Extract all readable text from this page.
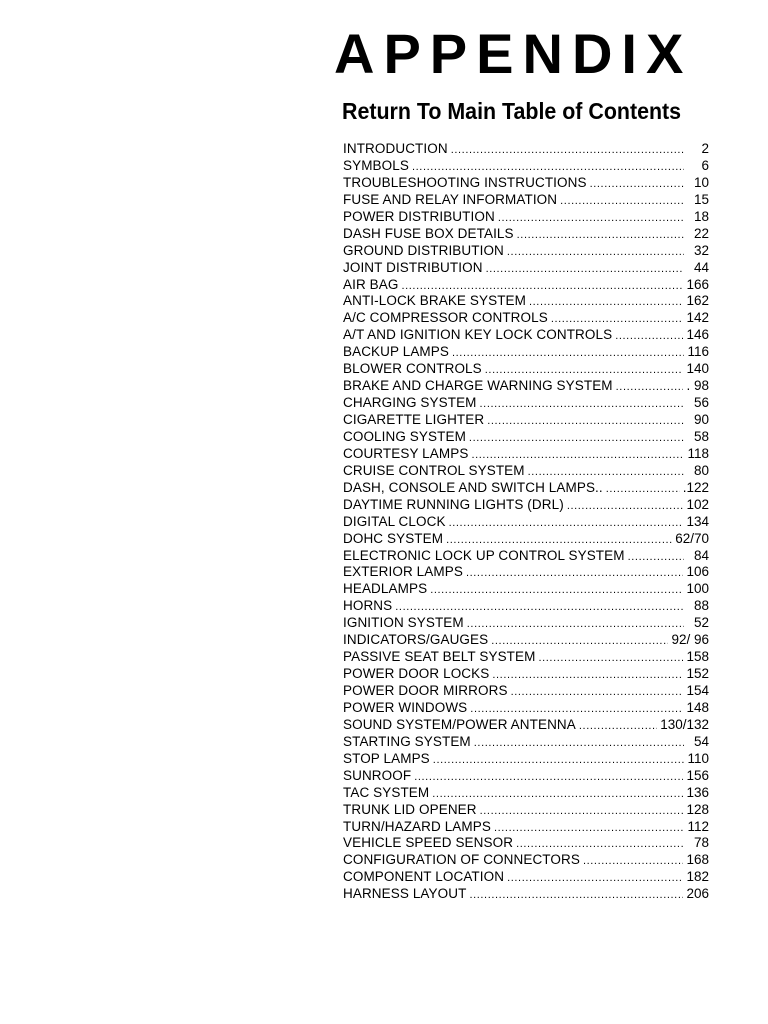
APPENDIX
Return To Main Table of Contents
INTRODUCTION .....	2
SYMBOLS .....	6
TROUBLESHOOTING INSTRUCTIONS .....	10
FUSE AND RELAY INFORMATION .....	15
POWER DISTRIBUTION .....	18
DASH FUSE BOX DETAILS .....	22
GROUND DISTRIBUTION .....	32
JOINT DISTRIBUTION .....	44
AIR BAG .....	166
ANTI-LOCK BRAKE SYSTEM .....	162
A/C COMPRESSOR CONTROLS .....	142
A/T AND IGNITION KEY LOCK CONTROLS .....	146
BACKUP LAMPS .....	116
BLOWER CONTROLS .....	140
BRAKE AND CHARGE WARNING SYSTEM .....	. 98
CHARGING SYSTEM .....	56
CIGARETTE LIGHTER .....	90
COOLING SYSTEM .....	58
COURTESY LAMPS .....	118
CRUISE CONTROL SYSTEM .....	80
DASH, CONSOLE AND SWITCH LAMPS.. .....	.122
DAYTIME RUNNING LIGHTS (DRL) .....	102
DIGITAL CLOCK .....	134
DOHC SYSTEM .....	62/70
ELECTRONIC LOCK UP CONTROL SYSTEM .....	84
EXTERIOR LAMPS .....	106
HEADLAMPS .....	100
HORNS .....	88
IGNITION SYSTEM .....	52
INDICATORS/GAUGES .....	92/ 96
PASSIVE SEAT BELT SYSTEM .....	158
POWER DOOR LOCKS .....	152
POWER DOOR MIRRORS .....	154
POWER WINDOWS .....	148
SOUND SYSTEM/POWER ANTENNA .....	130/132
STARTING SYSTEM .....	54
STOP LAMPS .....	110
SUNROOF .....	156
TAC SYSTEM .....	136
TRUNK LID OPENER .....	128
TURN/HAZARD LAMPS .....	112
VEHICLE SPEED SENSOR .....	78
CONFIGURATION OF CONNECTORS .....	168
COMPONENT LOCATION .....	182
HARNESS LAYOUT .....	206
